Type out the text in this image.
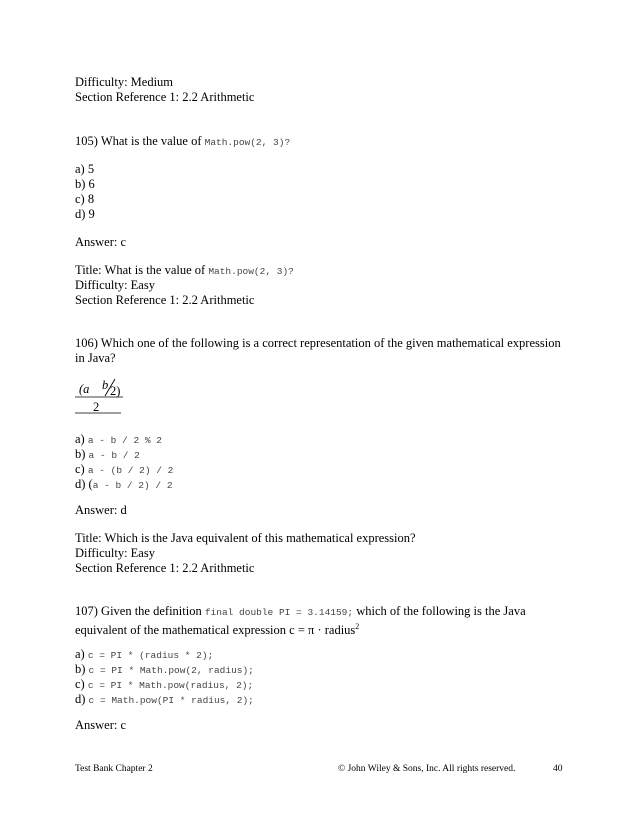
Difficulty: Medium
Section Reference 1: 2.2 Arithmetic
105) What is the value of Math.pow(2, 3)?
a) 5
b) 6
c) 8
d) 9
Answer: c
Title: What is the value of Math.pow(2, 3)?
Difficulty: Easy
Section Reference 1: 2.2 Arithmetic
106) Which one of the following is a correct representation of the given mathematical expression
in Java?
(a b 2)
2
a) a - b / 2 % 2
b) a - b / 2
c) a - (b / 2) / 2
d) (a - b / 2) / 2
Answer: d
Title: Which is the Java equivalent of this mathematical expression?
Difficulty: Easy
Section Reference 1: 2.2 Arithmetic
107) Given the definition final double PI = 3.14159; which of the following is the Java
equivalent of the mathematical expression c = π · radius$^2$
a) c = PI * (radius * 2);
b) c = PI * Math.pow(2, radius);
c) c = PI * Math.pow(radius, 2);
d) c = Math.pow(PI * radius, 2);
Answer: c
Test Bank Chapter 2	© John Wiley & Sons, Inc. All rights reserved.	40
